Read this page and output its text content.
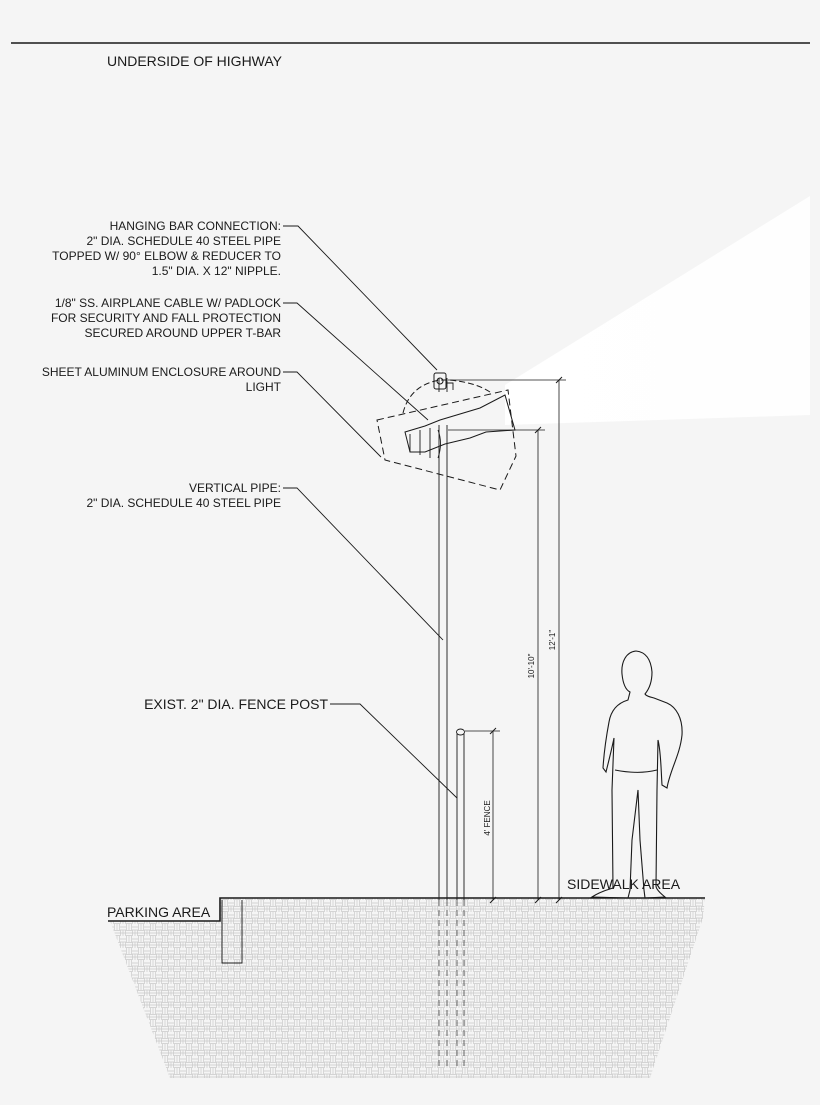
UNDERSIDE OF HIGHWAY
HANGING BAR CONNECTION:
2" DIA. SCHEDULE 40 STEEL PIPE
TOPPED W/ 90° ELBOW & REDUCER TO
1.5" DIA. X 12" NIPPLE.
1/8" SS. AIRPLANE CABLE W/ PADLOCK
FOR SECURITY AND FALL PROTECTION
SECURED AROUND UPPER T-BAR
SHEET ALUMINUM ENCLOSURE AROUND
LIGHT
VERTICAL PIPE:
2" DIA. SCHEDULE 40 STEEL PIPE
EXIST. 2" DIA. FENCE POST
SIDEWALK AREA
PARKING AREA
4' FENCE
10'-10"
12'-1"
